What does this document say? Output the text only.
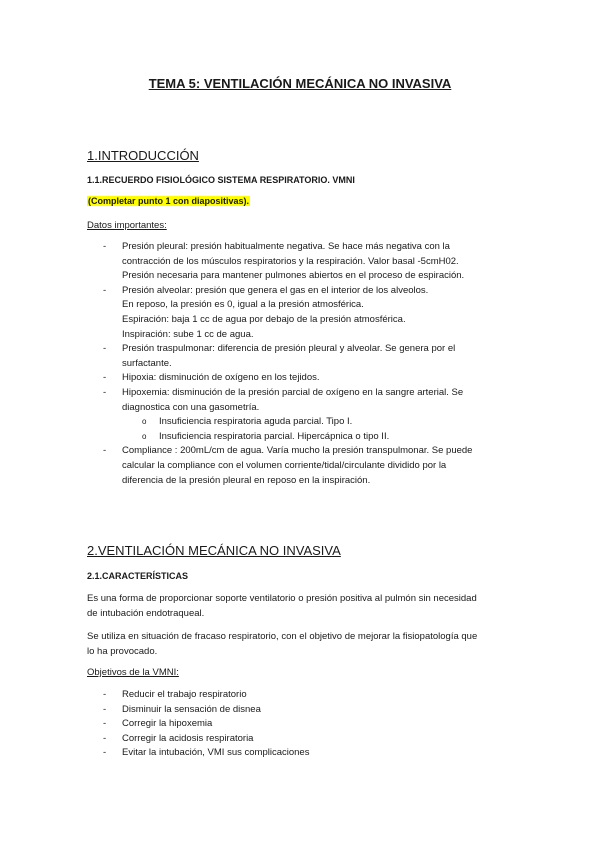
TEMA 5: VENTILACIÓN MECÁNICA NO INVASIVA
1.INTRODUCCIÓN
1.1.RECUERDO FISIOLÓGICO SISTEMA RESPIRATORIO. VMNI
(Completar punto 1 con diapositivas).
Datos importantes:
- Presión pleural: presión habitualmente negativa. Se hace más negativa con la
contracción de los músculos respiratorios y la respiración. Valor basal -5cmH02.
Presión necesaria para mantener pulmones abiertos en el proceso de espiración.
- Presión alveolar: presión que genera el gas en el interior de los alveolos.
En reposo, la presión es 0, igual a la presión atmosférica.
Espiración: baja 1 cc de agua por debajo de la presión atmosférica.
Inspiración: sube 1 cc de agua.
- Presión traspulmonar: diferencia de presión pleural y alveolar. Se genera por el
surfactante.
- Hipoxia: disminución de oxígeno en los tejidos.
- Hipoxemia: disminución de la presión parcial de oxígeno en la sangre arterial. Se
diagnostica con una gasometría.
o Insuficiencia respiratoria aguda parcial. Tipo I.
o Insuficiencia respiratoria parcial. Hipercápnica o tipo II.
- Compliance : 200mL/cm de agua. Varía mucho la presión transpulmonar. Se puede
calcular la compliance con el volumen corriente/tidal/circulante dividido por la
diferencia de la presión pleural en reposo en la inspiración.
2.VENTILACIÓN MECÁNICA NO INVASIVA
2.1.CARACTERÍSTICAS
Es una forma de proporcionar soporte ventilatorio o presión positiva al pulmón sin necesidad
de intubación endotraqueal.
Se utiliza en situación de fracaso respiratorio, con el objetivo de mejorar la fisiopatología que
lo ha provocado.
Objetivos de la VMNI:
- Reducir el trabajo respiratorio
- Disminuir la sensación de disnea
- Corregir la hipoxemia
- Corregir la acidosis respiratoria
- Evitar la intubación, VMI sus complicaciones
